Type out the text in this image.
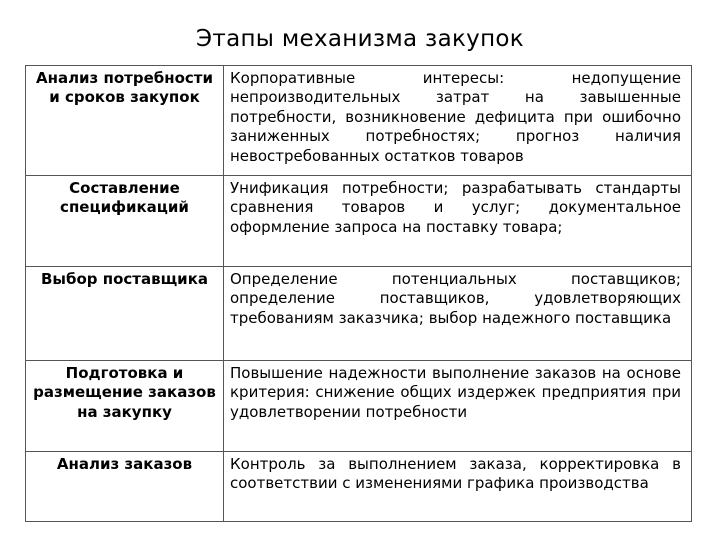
Этапы механизма закупок
Анализ потребности и сроков закупок	Корпоративные интересы: недопущение непроизводительных затрат на завышенные потребности, возникновение дефицита при ошибочно заниженных потребностях; прогноз наличия невостребованных остатков товаров
Составление спецификаций	Унификация потребности; разрабатывать стандарты сравнения товаров и услуг; документальное оформление запроса на поставку товара;
Выбор поставщика	Определение потенциальных поставщиков; определение поставщиков, удовлетворяющих требованиям заказчика; выбор надежного поставщика
Подготовка и размещение заказов на закупку	Повышение надежности выполнение заказов на основе критерия: снижение общих издержек предприятия при удовлетворении потребности
Анализ заказов	Контроль за выполнением заказа, корректировка в соответствии с изменениями графика производства
